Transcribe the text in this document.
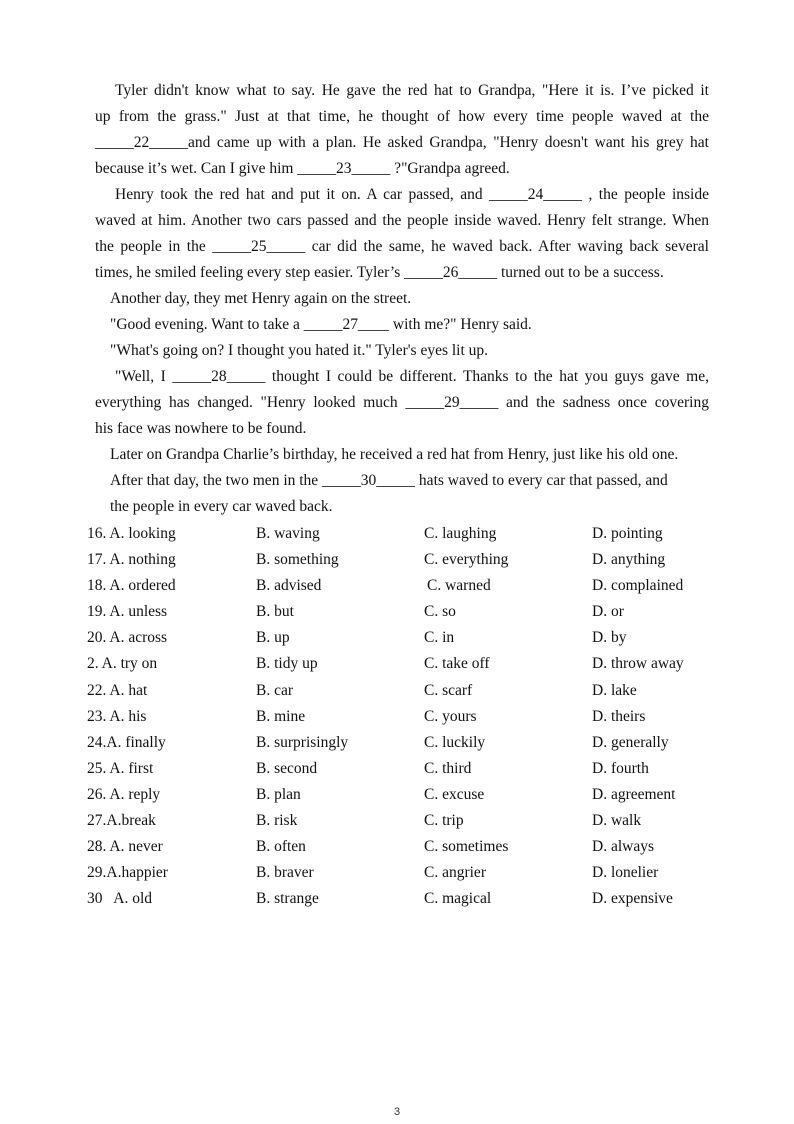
Tyler didn't know what to say. He gave the red hat to Grandpa, "Here it is. I’ve picked it

up from the grass." Just at that time, he thought of how every time people waved at the

_____22_____and came up with a plan. He asked Grandpa, "Henry doesn't want his grey hat

because it’s wet. Can I give him _____23_____ ?"Grandpa agreed.

Henry took the red hat and put it on. A car passed, and _____24_____ , the people inside

waved at him. Another two cars passed and the people inside waved. Henry felt strange. When

the people in the _____25_____ car did the same, he waved back. After waving back several

times, he smiled feeling every step easier. Tyler’s _____26_____ turned out to be a success.

Another day, they met Henry again on the street.

"Good evening. Want to take a _____27____ with me?" Henry said.

"What's going on? I thought you hated it." Tyler's eyes lit up.

"Well, I _____28_____ thought I could be different. Thanks to the hat you guys gave me,

everything has changed. "Henry looked much _____29_____ and the sadness once covering

his face was nowhere to be found.

Later on Grandpa Charlie’s birthday, he received a red hat from Henry, just like his old one.

After that day, the two men in the _____30_____ hats waved to every car that passed, and

the people in every car waved back.

16. A. looking	B. waving	C. laughing	D. pointing
17. A. nothing	B. something	C. everything	D. anything
18. A. ordered	B. advised	C. warned	D. complained
19. A. unless	B. but	C. so	D. or
20. A. across	B. up	C. in	D. by
2. A. try on	B. tidy up	C. take off	D. throw away
22. A. hat	B. car	C. scarf	D. lake
23. A. his	B. mine	C. yours	D. theirs
24.A. finally	B. surprisingly	C. luckily	D. generally
25. A. first	B. second	C. third	D. fourth
26. A. reply	B. plan	C. excuse	D. agreement
27.A.break	B. risk	C. trip	D. walk
28. A. never	B. often	C. sometimes	D. always
29.A.happier	B. braver	C. angrier	D. lonelier
30   A. old	B. strange	C. magical	D. expensive
3
